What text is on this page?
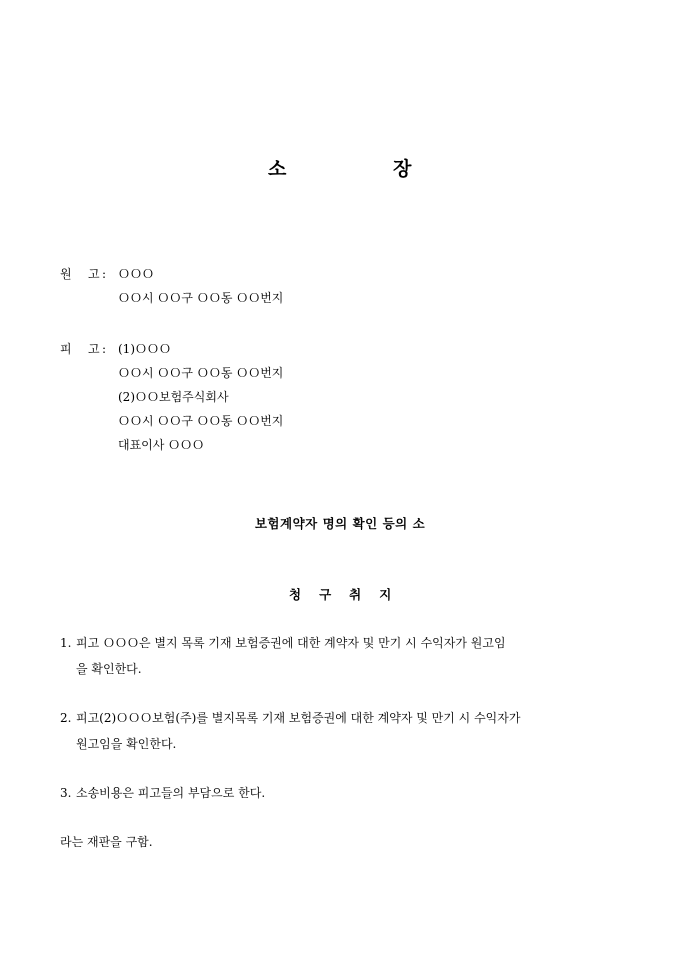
소	장
원 고 : ＯＯＯ
ＯＯ시 ＯＯ구 ＯＯ동 ＯＯ번지
피 고 : (1)ＯＯＯ
ＯＯ시 ＯＯ구 ＯＯ동 ＯＯ번지
(2)ＯＯ보험주식회사
ＯＯ시 ＯＯ구 ＯＯ동 ＯＯ번지
대표이사 ＯＯＯ
보험계약자 명의 확인 등의 소
청 구 취 지
1. 피고 ＯＯＯ은 별지 목록 기재 보험증권에 대한 계약자 및 만기 시 수익자가 원고임
을 확인한다.
2. 피고(2)ＯＯＯ보험(주)를 별지목록 기재 보험증권에 대한 계약자 및 만기 시 수익자가
원고임을 확인한다.
3. 소송비용은 피고들의 부담으로 한다.
라는 재판을 구함.
